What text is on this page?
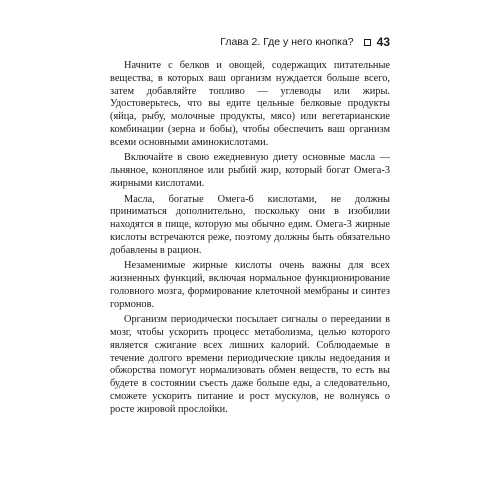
Глава 2. Где у него кнопка? 43

Начните с белков и овощей, содержащих питательные вещества, в которых ваш организм нуждается больше всего, затем добавляйте топливо — углеводы или жиры. Удостоверьтесь, что вы едите цельные белковые продукты (яйца, рыбу, молочные продукты, мясо) или вегетарианские комбинации (зерна и бобы), чтобы обеспечить ваш организм всеми основными аминокислотами.

Включайте в свою ежедневную диету основные масла — льняное, конопляное или рыбий жир, который богат Омега-3 жирными кислотами.

Масла, богатые Омега-6 кислотами, не должны приниматься дополнительно, поскольку они в изобилии находятся в пище, которую мы обычно едим. Омега-3 жирные кислоты встречаются реже, поэтому должны быть обязательно добавлены в рацион.

Незаменимые жирные кислоты очень важны для всех жизненных функций, включая нормальное функционирование головного мозга, формирование клеточной мембраны и синтез гормонов.

Организм периодически посылает сигналы о переедании в мозг, чтобы ускорить процесс метаболизма, целью которого является сжигание всех лишних калорий. Соблюдаемые в течение долгого времени периодические циклы недоедания и обжорства помогут нормализовать обмен веществ, то есть вы будете в состоянии съесть даже больше еды, а следовательно, сможете ускорить питание и рост мускулов, не волнуясь о росте жировой прослойки.
